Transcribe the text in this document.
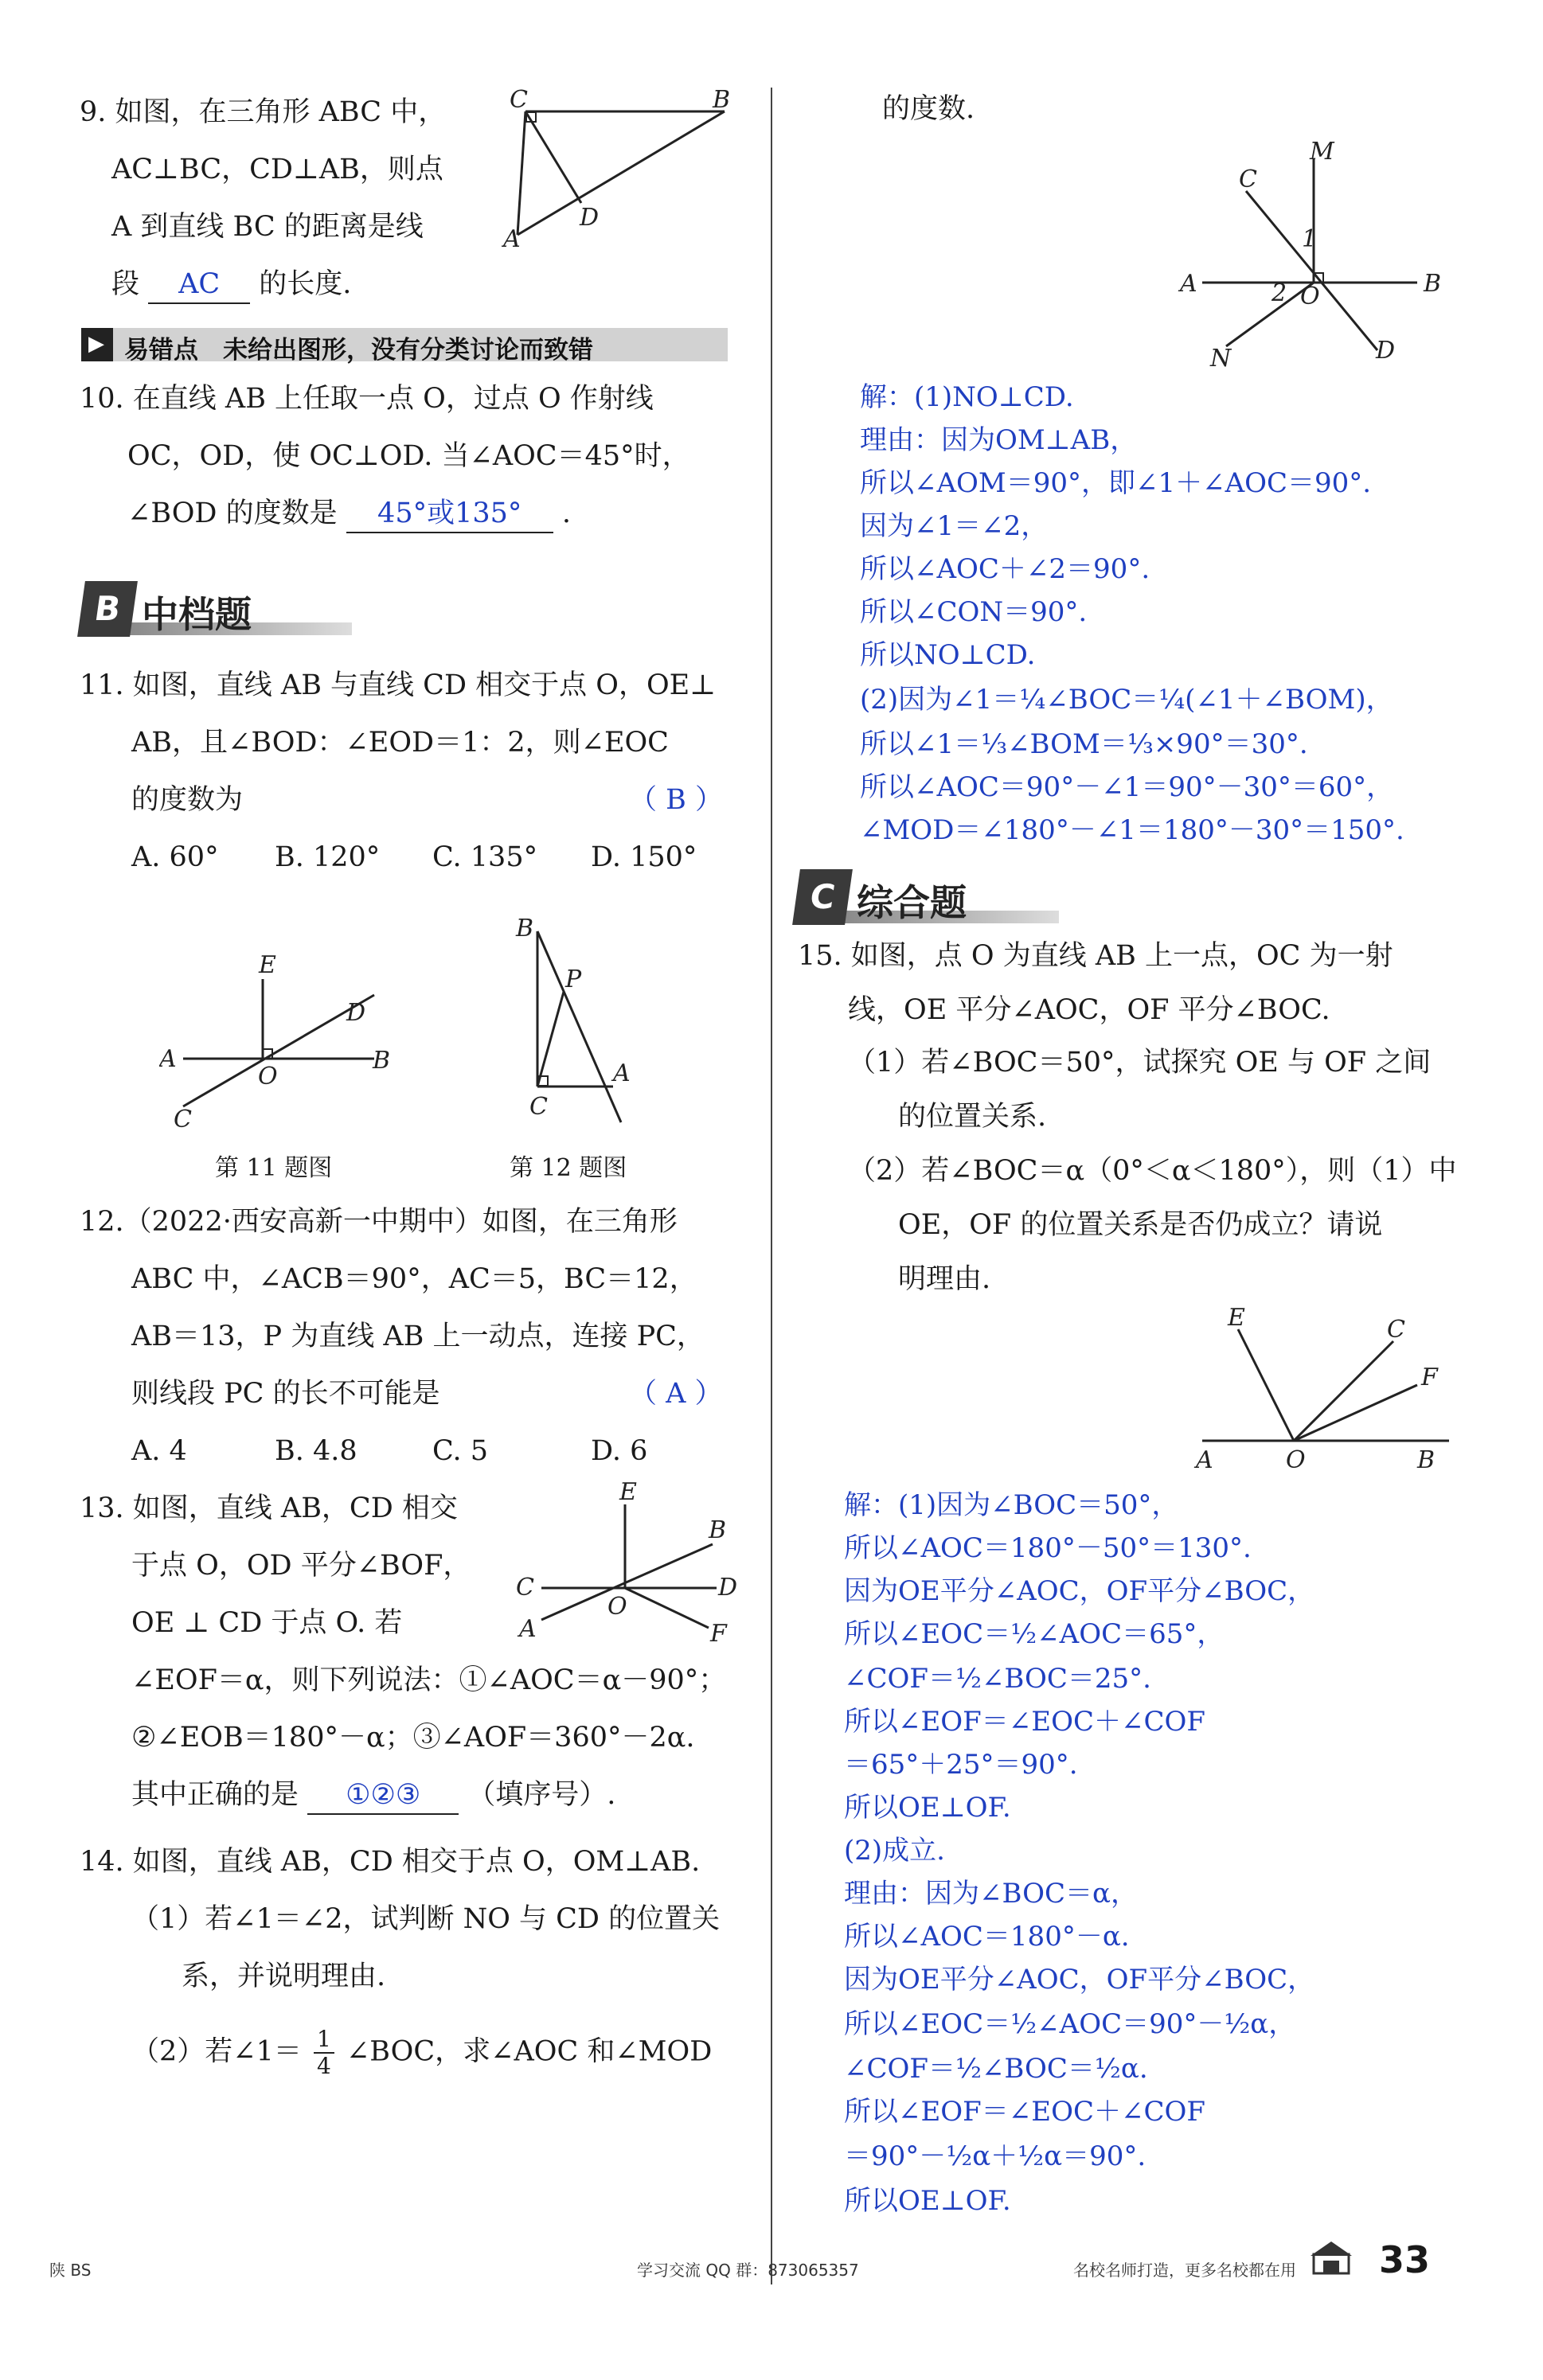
9. 如图，在三角形 ABC 中，
AC⊥BC，CD⊥AB，则点
A 到直线 BC 的距离是线
段 AC 的长度.
C	B
A
D
▶ 易错点　未给出图形，没有分类讨论而致错
10. 在直线 AB 上任取一点 O，过点 O 作射线
OC，OD，使 OC⊥OD. 当∠AOC＝45°时，
∠BOD 的度数是 45°或135° .
B 中档题
11. 如图，直线 AB 与直线 CD 相交于点 O，OE⊥
AB，且∠BOD：∠EOD＝1：2，则∠EOC
的度数为	（ B ）
A. 60° B. 120° C. 135° D. 150°
E
D
A	B
O
C
第 11 题图
B
P
C
A
第 12 题图
12.（2022·西安高新一中期中）如图，在三角形
ABC 中，∠ACB＝90°，AC＝5，BC＝12，
AB＝13，P 为直线 AB 上一动点，连接 PC，
则线段 PC 的长不可能是	（ A ）
A. 4	B. 4.8	C. 5	D. 6
13. 如图，直线 AB，CD 相交
于点 O，OD 平分∠BOF，
OE ⊥ CD 于点 O. 若
∠EOF＝α，则下列说法：①∠AOC＝α－90°；
②∠EOB＝180°－α；③∠AOF＝360°－2α.
其中正确的是 ①②③ （填序号）.
E
B
C	D
O
A	F
14. 如图，直线 AB，CD 相交于点 O，OM⊥AB.
（1）若∠1＝∠2，试判断 NO 与 CD 的位置关
系，并说明理由.
（2）若∠1＝ $\frac{1}{4}$ ∠BOC，求∠AOC 和∠MOD
的度数.
M
C
1
A	B
2 O
N	D
解：(1)NO⊥CD.
理由：因为OM⊥AB，
所以∠AOM＝90°，即∠1＋∠AOC＝90°.
因为∠1＝∠2，
所以∠AOC＋∠2＝90°.
所以∠CON＝90°.
所以NO⊥CD.
(2)因为∠1＝¼∠BOC＝¼(∠1＋∠BOM)，
所以∠1＝⅓∠BOM＝⅓×90°＝30°.
所以∠AOC＝90°－∠1＝90°－30°＝60°，
∠MOD＝∠180°－∠1＝180°－30°＝150°.
C 综合题
15. 如图，点 O 为直线 AB 上一点，OC 为一射
线，OE 平分∠AOC，OF 平分∠BOC.
（1）若∠BOC＝50°，试探究 OE 与 OF 之间
的位置关系.
（2）若∠BOC＝α（0°＜α＜180°），则（1）中
OE，OF 的位置关系是否仍成立？请说
明理由.
E	C
F
A	O	B
解：(1)因为∠BOC＝50°，
所以∠AOC＝180°－50°＝130°.
因为OE平分∠AOC，OF平分∠BOC，
所以∠EOC＝½∠AOC＝65°，
∠COF＝½∠BOC＝25°.
所以∠EOF＝∠EOC＋∠COF
＝65°＋25°＝90°.
所以OE⊥OF.
(2)成立.
理由：因为∠BOC＝α，
所以∠AOC＝180°－α.
因为OE平分∠AOC，OF平分∠BOC，
所以∠EOC＝½∠AOC＝90°－½α，
∠COF＝½∠BOC＝½α.
所以∠EOF＝∠EOC＋∠COF
＝90°－½α＋½α＝90°.
所以OE⊥OF.
陕 BS	学习交流 QQ 群：873065357	名校名师打造，更多名校都在用 33
